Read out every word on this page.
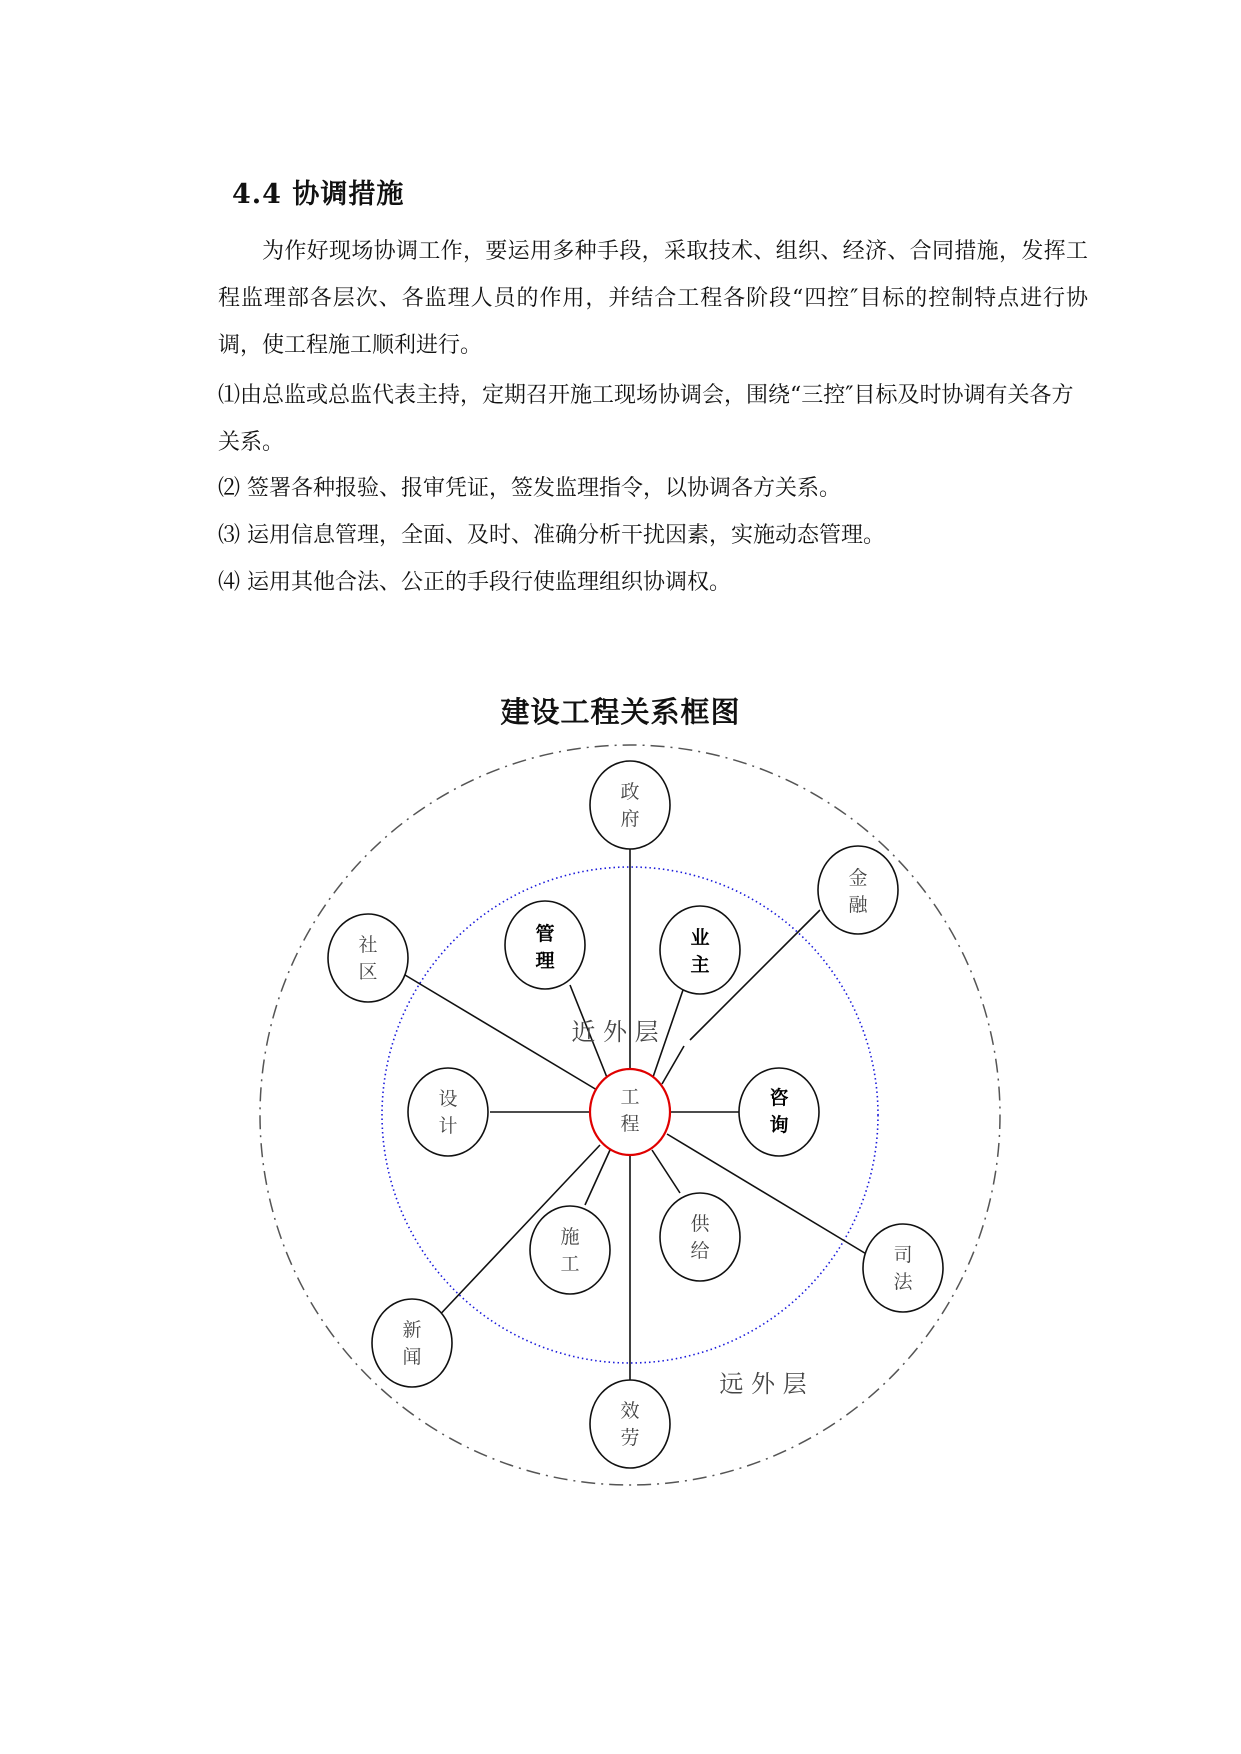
4.4 协调措施
为作好现场协调工作，要运用多种手段，采取技术、组织、经济、合同措施，发挥工程监理部各层次、各监理人员的作用，并结合工程各阶段“四控″目标的控制特点进行协调，使工程施工顺利进行。
⑴由总监或总监代表主持，定期召开施工现场协调会，围绕“三控″目标及时协调有关各方关系。
⑵ 签署各种报验、报审凭证，签发监理指令，以协调各方关系。
⑶ 运用信息管理，全面、及时、准确分析干扰因素，实施动态管理。
⑷ 运用其他合法、公正的手段行使监理组织协调权。
建设工程关系框图
工
程
管
理
业
主
设
计
咨
询
施
工
供
给
政
府
金
融
社
区
司
法
新
闻
效
劳
近 外 层
远 外 层
